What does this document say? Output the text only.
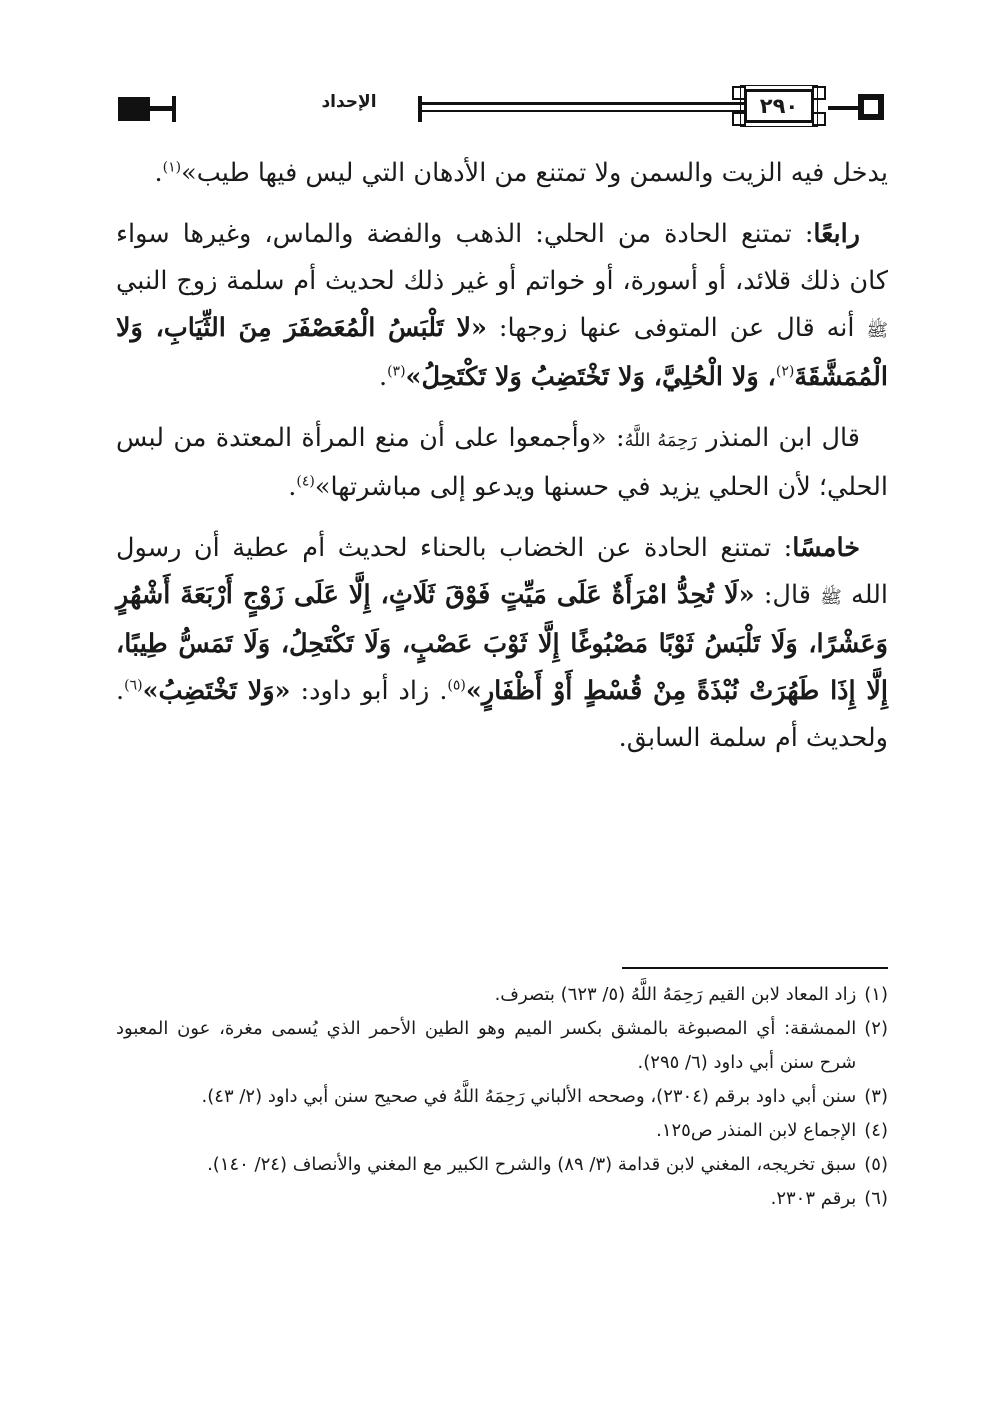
الإحداد	٢٩٠

يدخل فيه الزيت والسمن ولا تمتنع من الأدهان التي ليس فيها طيب»$^{(١)}$.

رابعًا: تمتنع الحادة من الحلي: الذهب والفضة والماس، وغيرها سواء كان ذلك قلائد، أو أسورة، أو خواتم أو غير ذلك لحديث أم سلمة زوج النبي ﷺ أنه قال عن المتوفى عنها زوجها: «لا تَلْبَسُ الْمُعَصْفَرَ مِنَ الثِّيَابِ، وَلا الْمُمَشَّقَةَ$^{(٢)}$، وَلا الْحُلِيَّ، وَلا تَخْتَضِبُ وَلا تَكْتَحِلُ»$^{(٣)}$.

قال ابن المنذر رَحِمَهُ اللَّهُ: «وأجمعوا على أن منع المرأة المعتدة من لبس الحلي؛ لأن الحلي يزيد في حسنها ويدعو إلى مباشرتها»$^{(٤)}$.

خامسًا: تمتنع الحادة عن الخضاب بالحناء لحديث أم عطية أن رسول الله ﷺ قال: «لَا تُحِدُّ امْرَأَةٌ عَلَى مَيِّتٍ فَوْقَ ثَلَاثٍ، إِلَّا عَلَى زَوْجٍ أَرْبَعَةَ أَشْهُرٍ وَعَشْرًا، وَلَا تَلْبَسُ ثَوْبًا مَصْبُوغًا إِلَّا ثَوْبَ عَصْبٍ، وَلَا تَكْتَحِلُ، وَلَا تَمَسُّ طِيبًا، إِلَّا إِذَا طَهُرَتْ نُبْذَةً مِنْ قُسْطٍ أَوْ أَظْفَارٍ»$^{(٥)}$. زاد أبو داود: «وَلا تَخْتَضِبُ»$^{(٦)}$. ولحديث أم سلمة السابق.

(١)
زاد المعاد لابن القيم رَحِمَهُ اللَّهُ (٥/ ٦٢٣) بتصرف.
(٢)
الممشقة: أي المصبوغة بالمشق بكسر الميم وهو الطين الأحمر الذي يُسمى مغرة، عون المعبود شرح سنن أبي داود (٦/ ٢٩٥).
(٣)
سنن أبي داود برقم (٢٣٠٤)، وصححه الألباني رَحِمَهُ اللَّهُ في صحيح سنن أبي داود (٢/ ٤٣).
(٤)
الإجماع لابن المنذر ص١٢٥.
(٥)
سبق تخريجه، المغني لابن قدامة (٣/ ٨٩) والشرح الكبير مع المغني والأنصاف (٢٤/ ١٤٠).
(٦)
برقم ٢٣٠٣.
